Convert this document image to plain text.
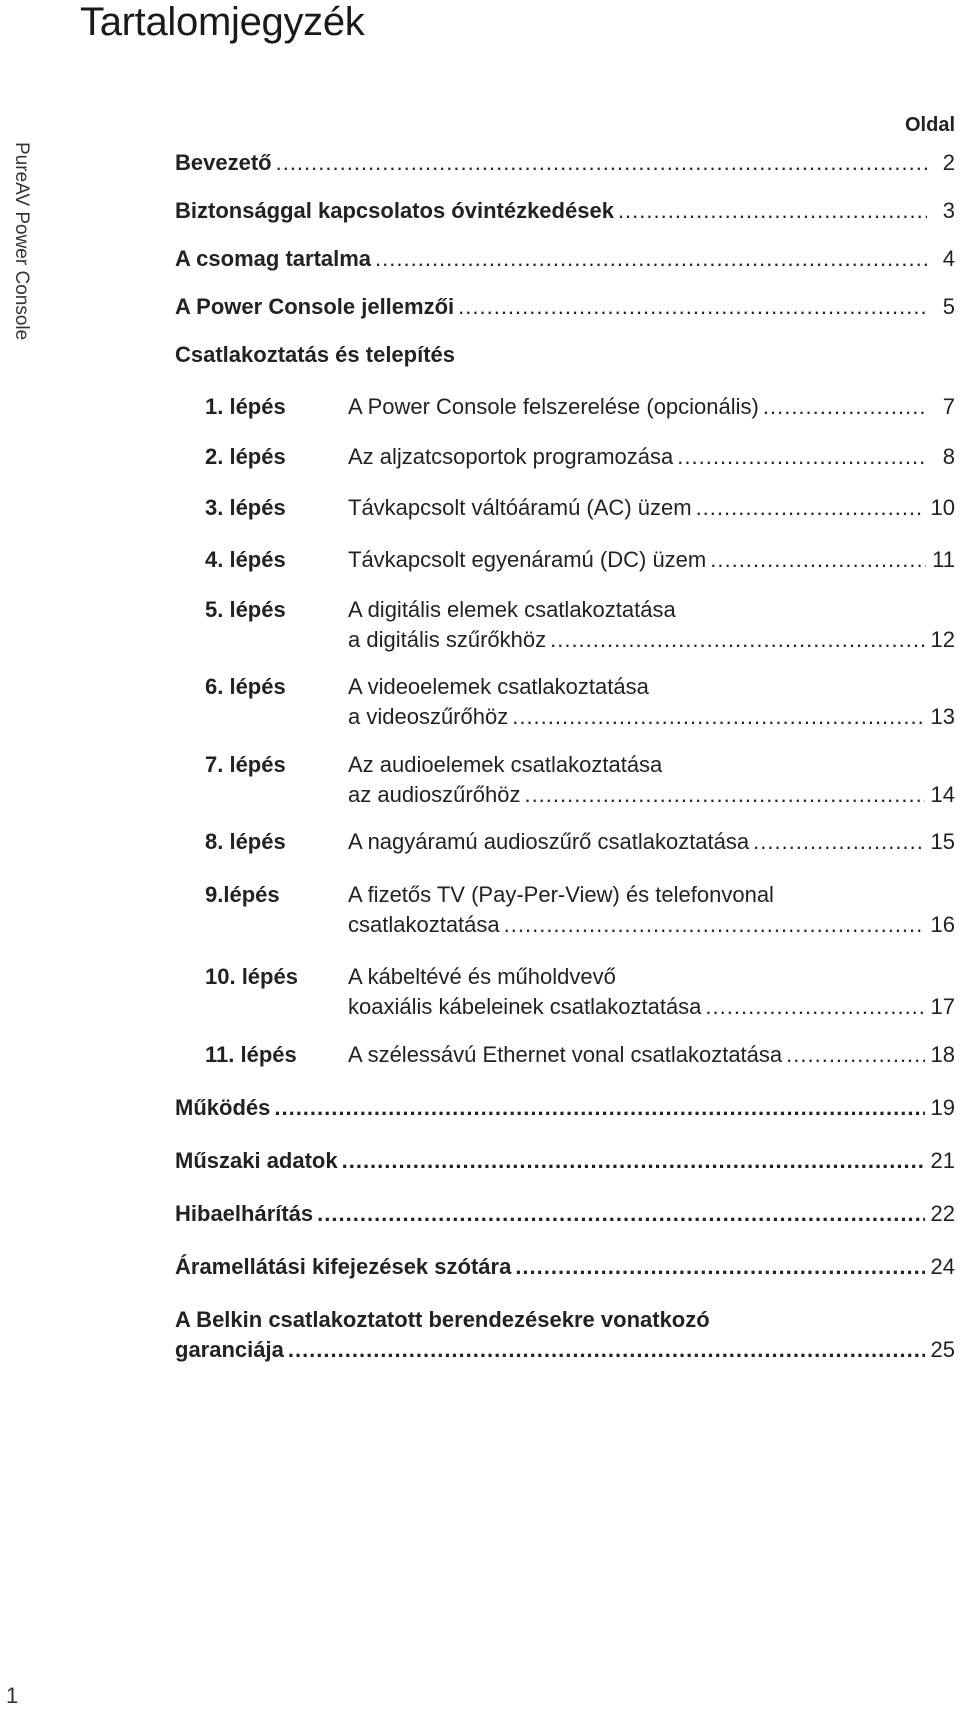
Tartalomjegyzék
PureAV Power Console
1
Oldal
Bevezető .....	2
Biztonsággal kapcsolatos óvintézkedések .....	3
A csomag tartalma .....	4
A Power Console jellemzői .....	5
Csatlakoztatás és telepítés
1. lépés	A Power Console felszerelése (opcionális) .....	7
2. lépés	Az aljzatcsoportok programozása .....	8
3. lépés	Távkapcsolt váltóáramú (AC) üzem .....	10
4. lépés	Távkapcsolt egyenáramú (DC) üzem .....	11
5. lépés	A digitális elemek csatlakoztatása
a digitális szűrőkhöz .....	12
6. lépés	A videoelemek csatlakoztatása
a videoszűrőhöz .....	13
7. lépés	Az audioelemek csatlakoztatása
az audioszűrőhöz .....	14
8. lépés	A nagyáramú audioszűrő csatlakoztatása .....	15
9.lépés	A fizetős TV (Pay-Per-View) és telefonvonal
csatlakoztatása .....	16
10. lépés	A kábeltévé és műholdvevő
koaxiális kábeleinek csatlakoztatása .....	17
11. lépés	A szélessávú Ethernet vonal csatlakoztatása .....	18
Működés .....	19
Műszaki adatok .....	21
Hibaelhárítás .....	22
Áramellátási kifejezések szótára .....	24
A Belkin csatlakoztatott berendezésekre vonatkozó
garanciája .....	25
